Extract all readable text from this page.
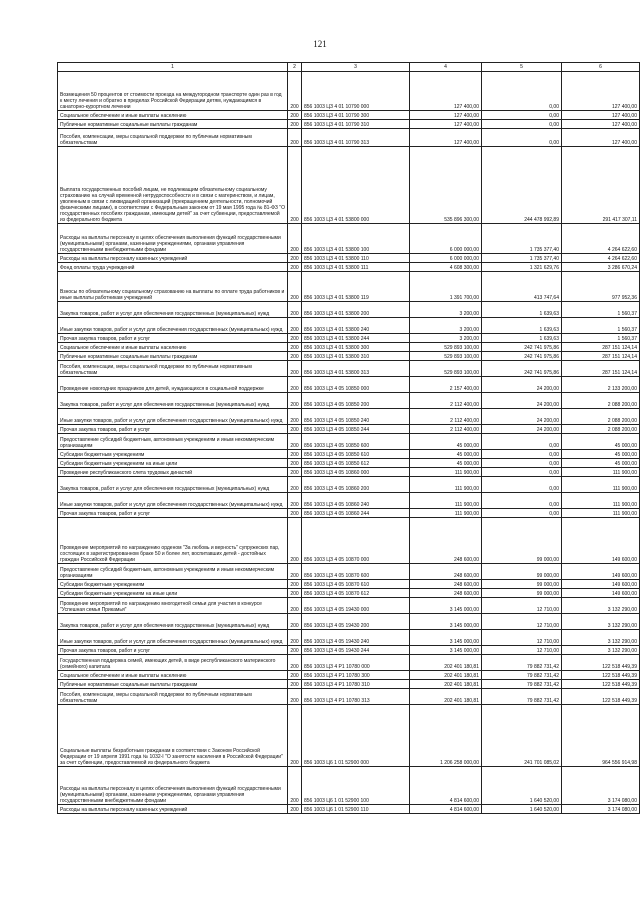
121
1	2	3	4	5	6
Возмещения 50 процентов от стоимости проезда на междугородном транспорте один раз в год к месту лечения и обратно в пределах Российской Федерации детям, нуждающимся в санаторно-курортном лечении	200	856 1003 ЦЗ 4 01 10790 000	127 400,00	0,00	127 400,00
Социальное обеспечение и иные выплаты населению	200	856 1003 ЦЗ 4 01 10790 300	127 400,00	0,00	127 400,00
Публичные нормативные социальные выплаты гражданам	200	856 1003 ЦЗ 4 01 10790 310	127 400,00	0,00	127 400,00
Пособия, компенсации, меры социальной поддержки по публичным нормативным обязательствам	200	856 1003 ЦЗ 4 01 10790 313	127 400,00	0,00	127 400,00
Выплата государственных пособий лицам, не подлежащим обязательному социальному страхованию на случай временной нетрудоспособности и в связи с материнством, и лицам, уволенным в связи с ликвидацией организаций (прекращением деятельности, полномочий физическими лицами), в соответствии с Федеральным законом от 19 мая 1995 года № 81-ФЗ "О государственных пособиях гражданам, имеющим детей" за счет субвенции, предоставляемой из федерального бюджета	200	856 1003 ЦЗ 4 01 53800 000	535 896 300,00	244 478 992,89	291 417 307,11
Расходы на выплаты персоналу в целях обеспечения выполнения функций государственными (муниципальными) органами, казенными учреждениями, органами управления государственными внебюджетными фондами	200	856 1003 ЦЗ 4 01 53800 100	6 000 000,00	1 735 377,40	4 264 622,60
Расходы на выплаты персоналу казенных учреждений	200	856 1003 ЦЗ 4 01 53800 110	6 000 000,00	1 735 377,40	4 264 622,60
Фонд оплаты труда учреждений	200	856 1003 ЦЗ 4 01 53800 111	4 608 300,00	1 321 629,76	3 286 670,24
Взносы по обязательному социальному страхованию на выплаты по оплате труда работников и иные выплаты работникам учреждений	200	856 1003 ЦЗ 4 01 53800 119	1 391 700,00	413 747,64	977 952,36
Закупка товаров, работ и услуг для обеспечения государственных (муниципальных) нужд	200	856 1003 ЦЗ 4 01 53800 200	3 200,00	1 639,63	1 560,37
Иные закупки товаров, работ и услуг для обеспечения государственных (муниципальных) нужд	200	856 1003 ЦЗ 4 01 53800 240	3 200,00	1 639,63	1 560,37
Прочая закупка товаров, работ и услуг	200	856 1003 ЦЗ 4 01 53800 244	3 200,00	1 639,63	1 560,37
Социальное обеспечение и иные выплаты населению	200	856 1003 ЦЗ 4 01 53800 300	529 893 100,00	242 741 975,86	287 151 124,14
Публичные нормативные социальные выплаты гражданам	200	856 1003 ЦЗ 4 01 53800 310	529 893 100,00	242 741 975,86	287 151 124,14
Пособия, компенсации, меры социальной поддержки по публичным нормативным обязательствам	200	856 1003 ЦЗ 4 01 53800 313	529 893 100,00	242 741 975,86	287 151 124,14
Проведение новогодних праздников для детей, нуждающихся в социальной поддержке	200	856 1003 ЦЗ 4 05 10850 000	2 157 400,00	24 200,00	2 133 200,00
Закупка товаров, работ и услуг для обеспечения государственных (муниципальных) нужд	200	856 1003 ЦЗ 4 05 10850 200	2 112 400,00	24 200,00	2 088 200,00
Иные закупки товаров, работ и услуг для обеспечения государственных (муниципальных) нужд	200	856 1003 ЦЗ 4 05 10850 240	2 112 400,00	24 200,00	2 088 200,00
Прочая закупка товаров, работ и услуг	200	856 1003 ЦЗ 4 05 10850 244	2 112 400,00	24 200,00	2 088 200,00
Предоставление субсидий бюджетным, автономным учреждениям и иным некоммерческим организациям	200	856 1003 ЦЗ 4 05 10850 600	45 000,00	0,00	45 000,00
Субсидии бюджетным учреждениям	200	856 1003 ЦЗ 4 05 10850 610	45 000,00	0,00	45 000,00
Субсидии бюджетным учреждениям на иные цели	200	856 1003 ЦЗ 4 05 10850 612	45 000,00	0,00	45 000,00
Проведение республиканского слета трудовых династий	200	856 1003 ЦЗ 4 05 10860 000	111 900,00	0,00	111 900,00
Закупка товаров, работ и услуг для обеспечения государственных (муниципальных) нужд	200	856 1003 ЦЗ 4 05 10860 200	111 900,00	0,00	111 900,00
Иные закупки товаров, работ и услуг для обеспечения государственных (муниципальных) нужд	200	856 1003 ЦЗ 4 05 10860 240	111 900,00	0,00	111 900,00
Прочая закупка товаров, работ и услуг	200	856 1003 ЦЗ 4 05 10860 244	111 900,00	0,00	111 900,00
Проведение мероприятий по награждению орденом "За любовь и верность" супружеских пар, состоящих в зарегистрированном браке 50 и более лет, воспитавших детей - достойных граждан Российской Федерации	200	856 1003 ЦЗ 4 05 10870 000	248 600,00	99 000,00	149 600,00
Предоставление субсидий бюджетным, автономным учреждениям и иным некоммерческим организациям	200	856 1003 ЦЗ 4 05 10870 600	248 600,00	99 000,00	149 600,00
Субсидии бюджетным учреждениям	200	856 1003 ЦЗ 4 05 10870 610	248 600,00	99 000,00	149 600,00
Субсидии бюджетным учреждениям на иные цели	200	856 1003 ЦЗ 4 05 10870 612	248 600,00	99 000,00	149 600,00
Проведение мероприятий по награждению многодетной семьи для участия в конкурсе "Успешная семья Прикамья"	200	856 1003 ЦЗ 4 05 19430 000	3 145 000,00	12 710,00	3 132 290,00
Закупка товаров, работ и услуг для обеспечения государственных (муниципальных) нужд	200	856 1003 ЦЗ 4 05 19430 200	3 145 000,00	12 710,00	3 132 290,00
Иные закупки товаров, работ и услуг для обеспечения государственных (муниципальных) нужд	200	856 1003 ЦЗ 4 05 19430 240	3 145 000,00	12 710,00	3 132 290,00
Прочая закупка товаров, работ и услуг	200	856 1003 ЦЗ 4 05 19430 244	3 145 000,00	12 710,00	3 132 290,00
Государственная поддержка семей, имеющих детей, в виде республиканского материнского (семейного) капитала	200	856 1003 ЦЗ 4 Р1 10780 000	202 401 180,81	79 882 731,42	122 518 449,39
Социальное обеспечение и иные выплаты населению	200	856 1003 ЦЗ 4 Р1 10780 300	202 401 180,81	79 882 731,42	122 518 449,39
Публичные нормативные социальные выплаты гражданам	200	856 1003 ЦЗ 4 Р1 10780 310	202 401 180,81	79 882 731,42	122 518 449,39
Пособия, компенсации, меры социальной поддержки по публичным нормативным обязательствам	200	856 1003 ЦЗ 4 Р1 10780 313	202 401 180,81	79 882 731,42	122 518 449,39
Социальные выплаты безработным гражданам в соответствии с Законом Российской Федерации от 19 апреля 1991 года № 1032-I "О занятости населения в Российской Федерации" за счет субвенции, предоставляемой из федерального бюджета	200	856 1003 Ц6 1 01 52900 000	1 206 258 000,00	241 701 085,02	964 556 914,98
Расходы на выплаты персоналу в целях обеспечения выполнения функций государственными (муниципальными) органами, казенными учреждениями, органами управления государственными внебюджетными фондами	200	856 1003 Ц6 1 01 52900 100	4 814 600,00	1 640 520,00	3 174 080,00
Расходы на выплаты персоналу казенных учреждений	200	856 1003 Ц6 1 01 52900 110	4 814 600,00	1 640 520,00	3 174 080,00
